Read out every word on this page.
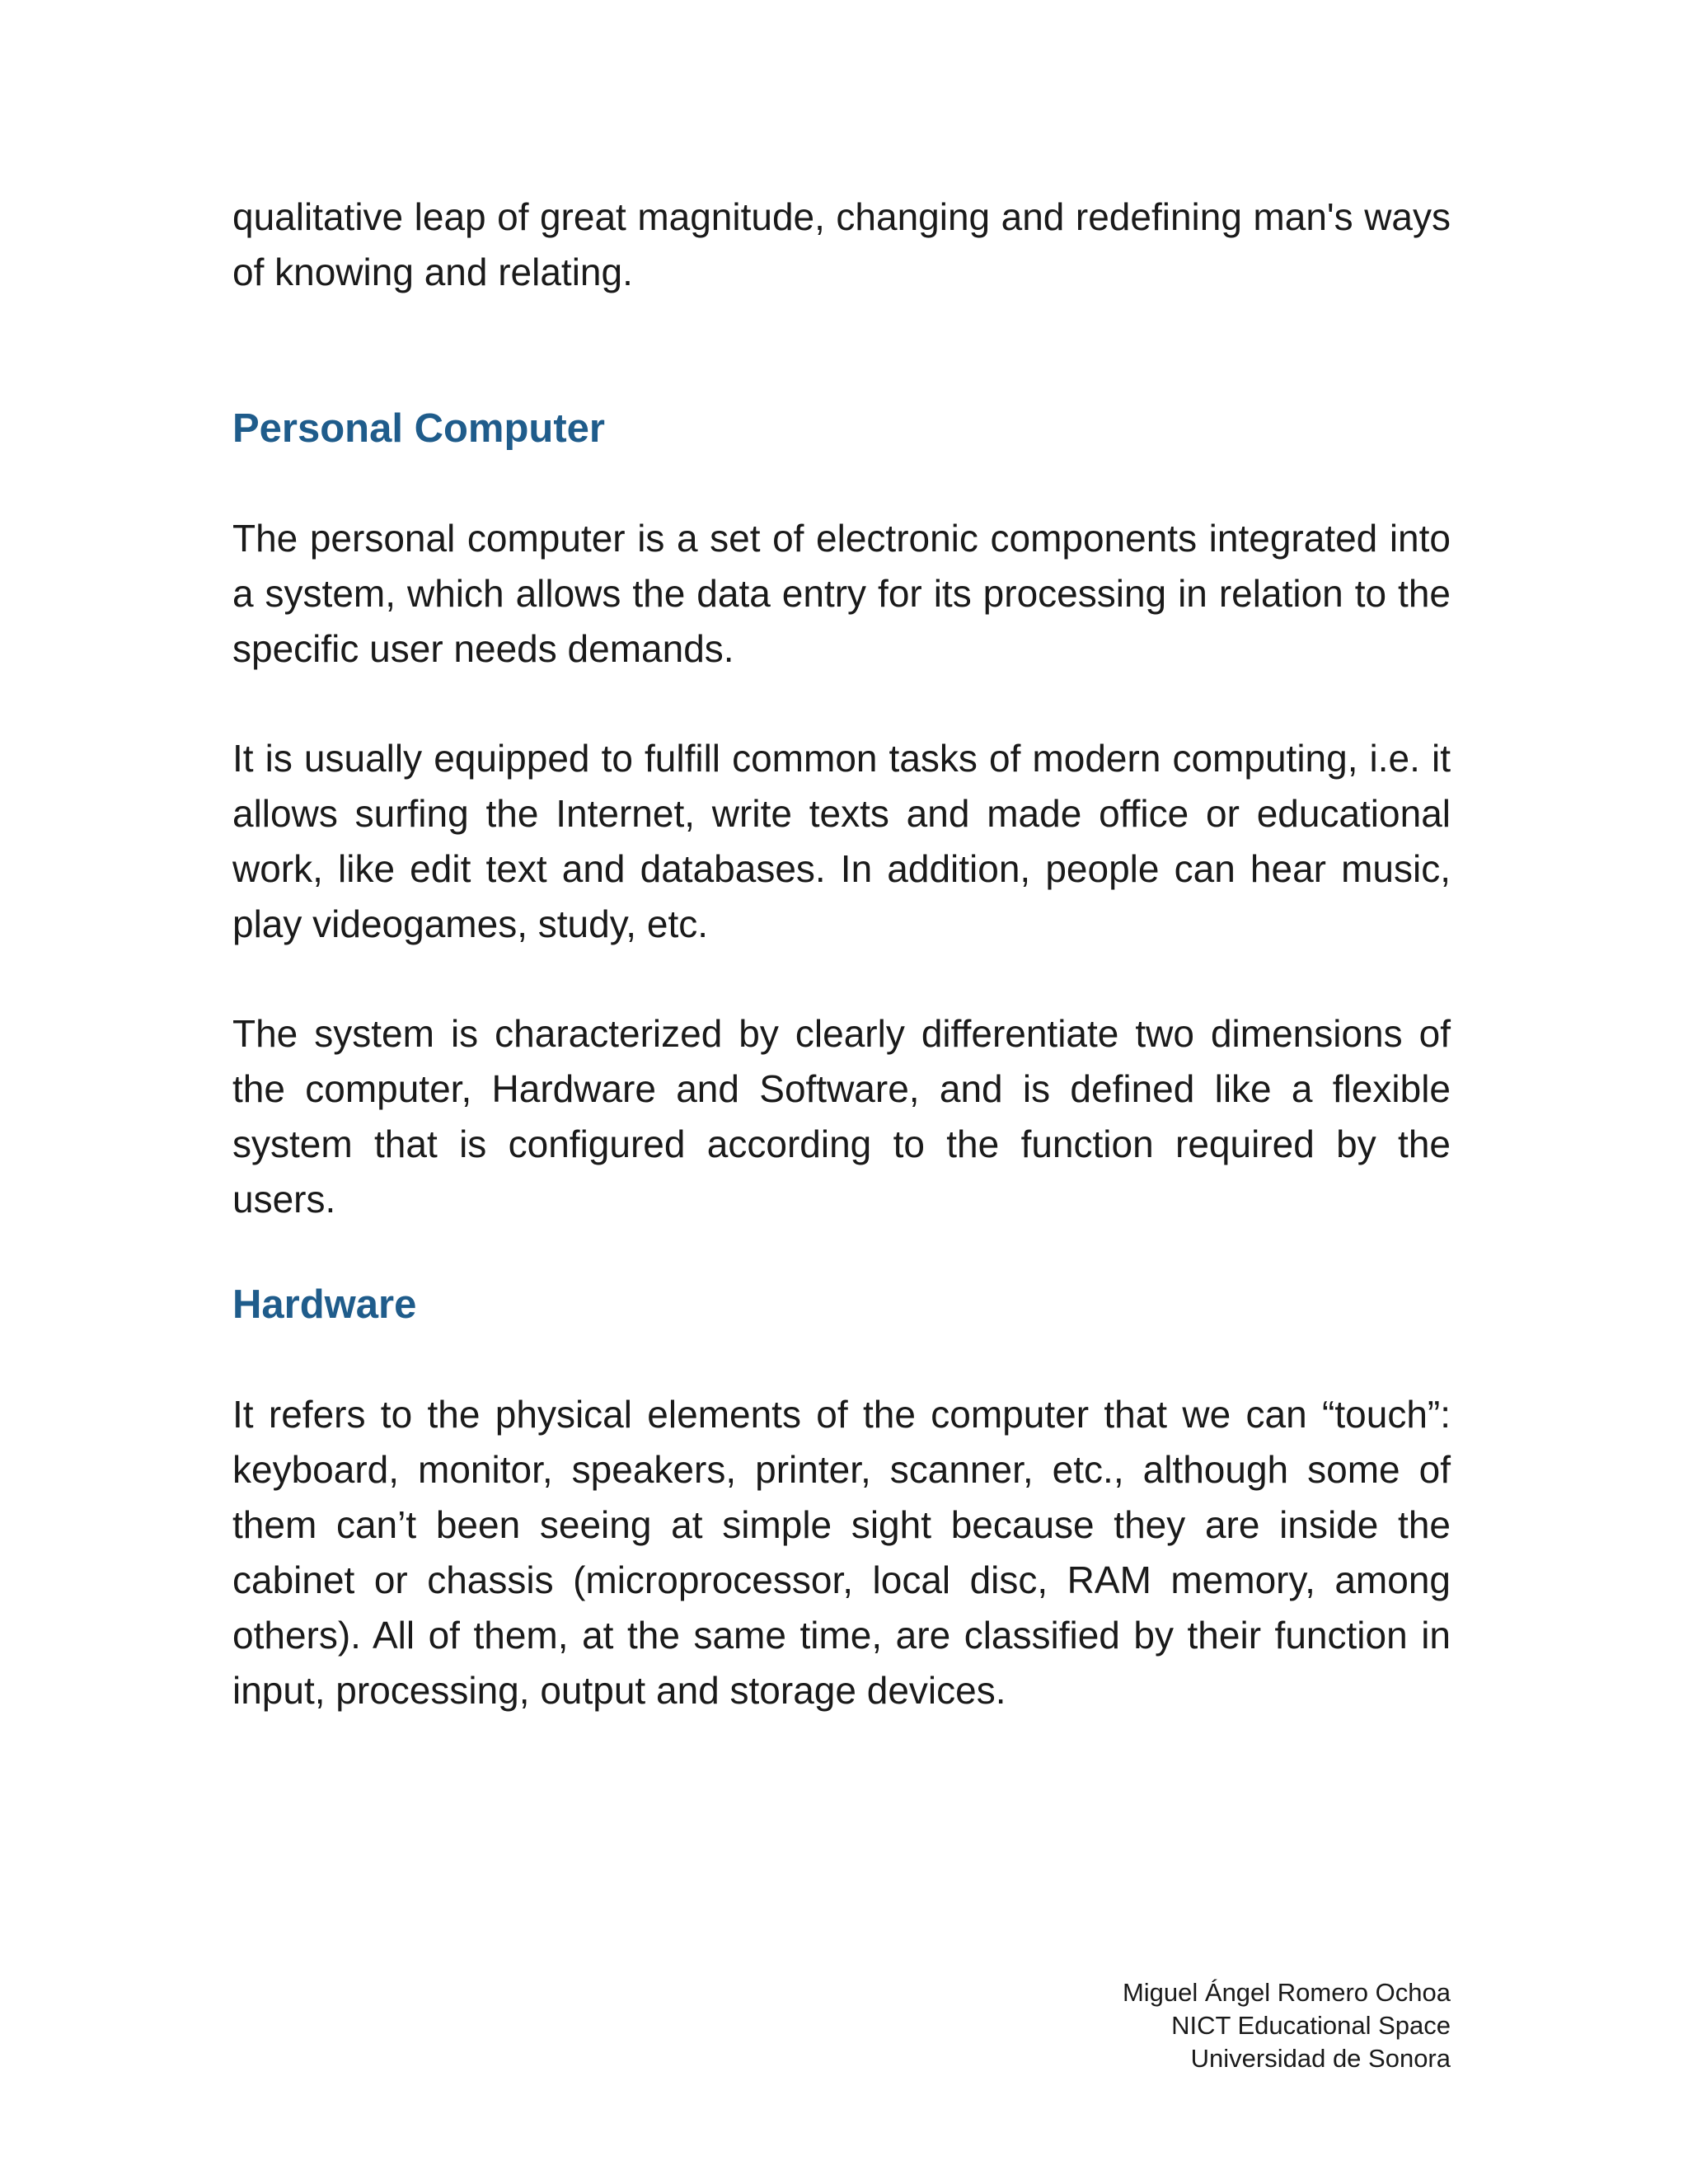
qualitative leap of great magnitude, changing and redefining man's ways of knowing and relating.

Personal Computer

The personal computer is a set of electronic components integrated into a system, which allows the data entry for its processing in relation to the specific user needs demands.

It is usually equipped to fulfill common tasks of modern computing, i.e. it allows surfing the Internet, write texts and made office or educational work, like edit text and databases. In addition, people can hear music, play videogames, study, etc.

The system is characterized by clearly differentiate two dimensions of the computer, Hardware and Software, and is defined like a flexible system that is configured according to the function required by the users.

Hardware

It refers to the physical elements of the computer that we can “touch”: keyboard, monitor, speakers, printer, scanner, etc., although some of them can’t been seeing at simple sight because they are inside the cabinet or chassis (microprocessor, local disc, RAM memory, among others). All of them, at the same time, are classified by their function in input, processing, output and storage devices.

Miguel Ángel Romero Ochoa
NICT Educational Space
Universidad de Sonora
